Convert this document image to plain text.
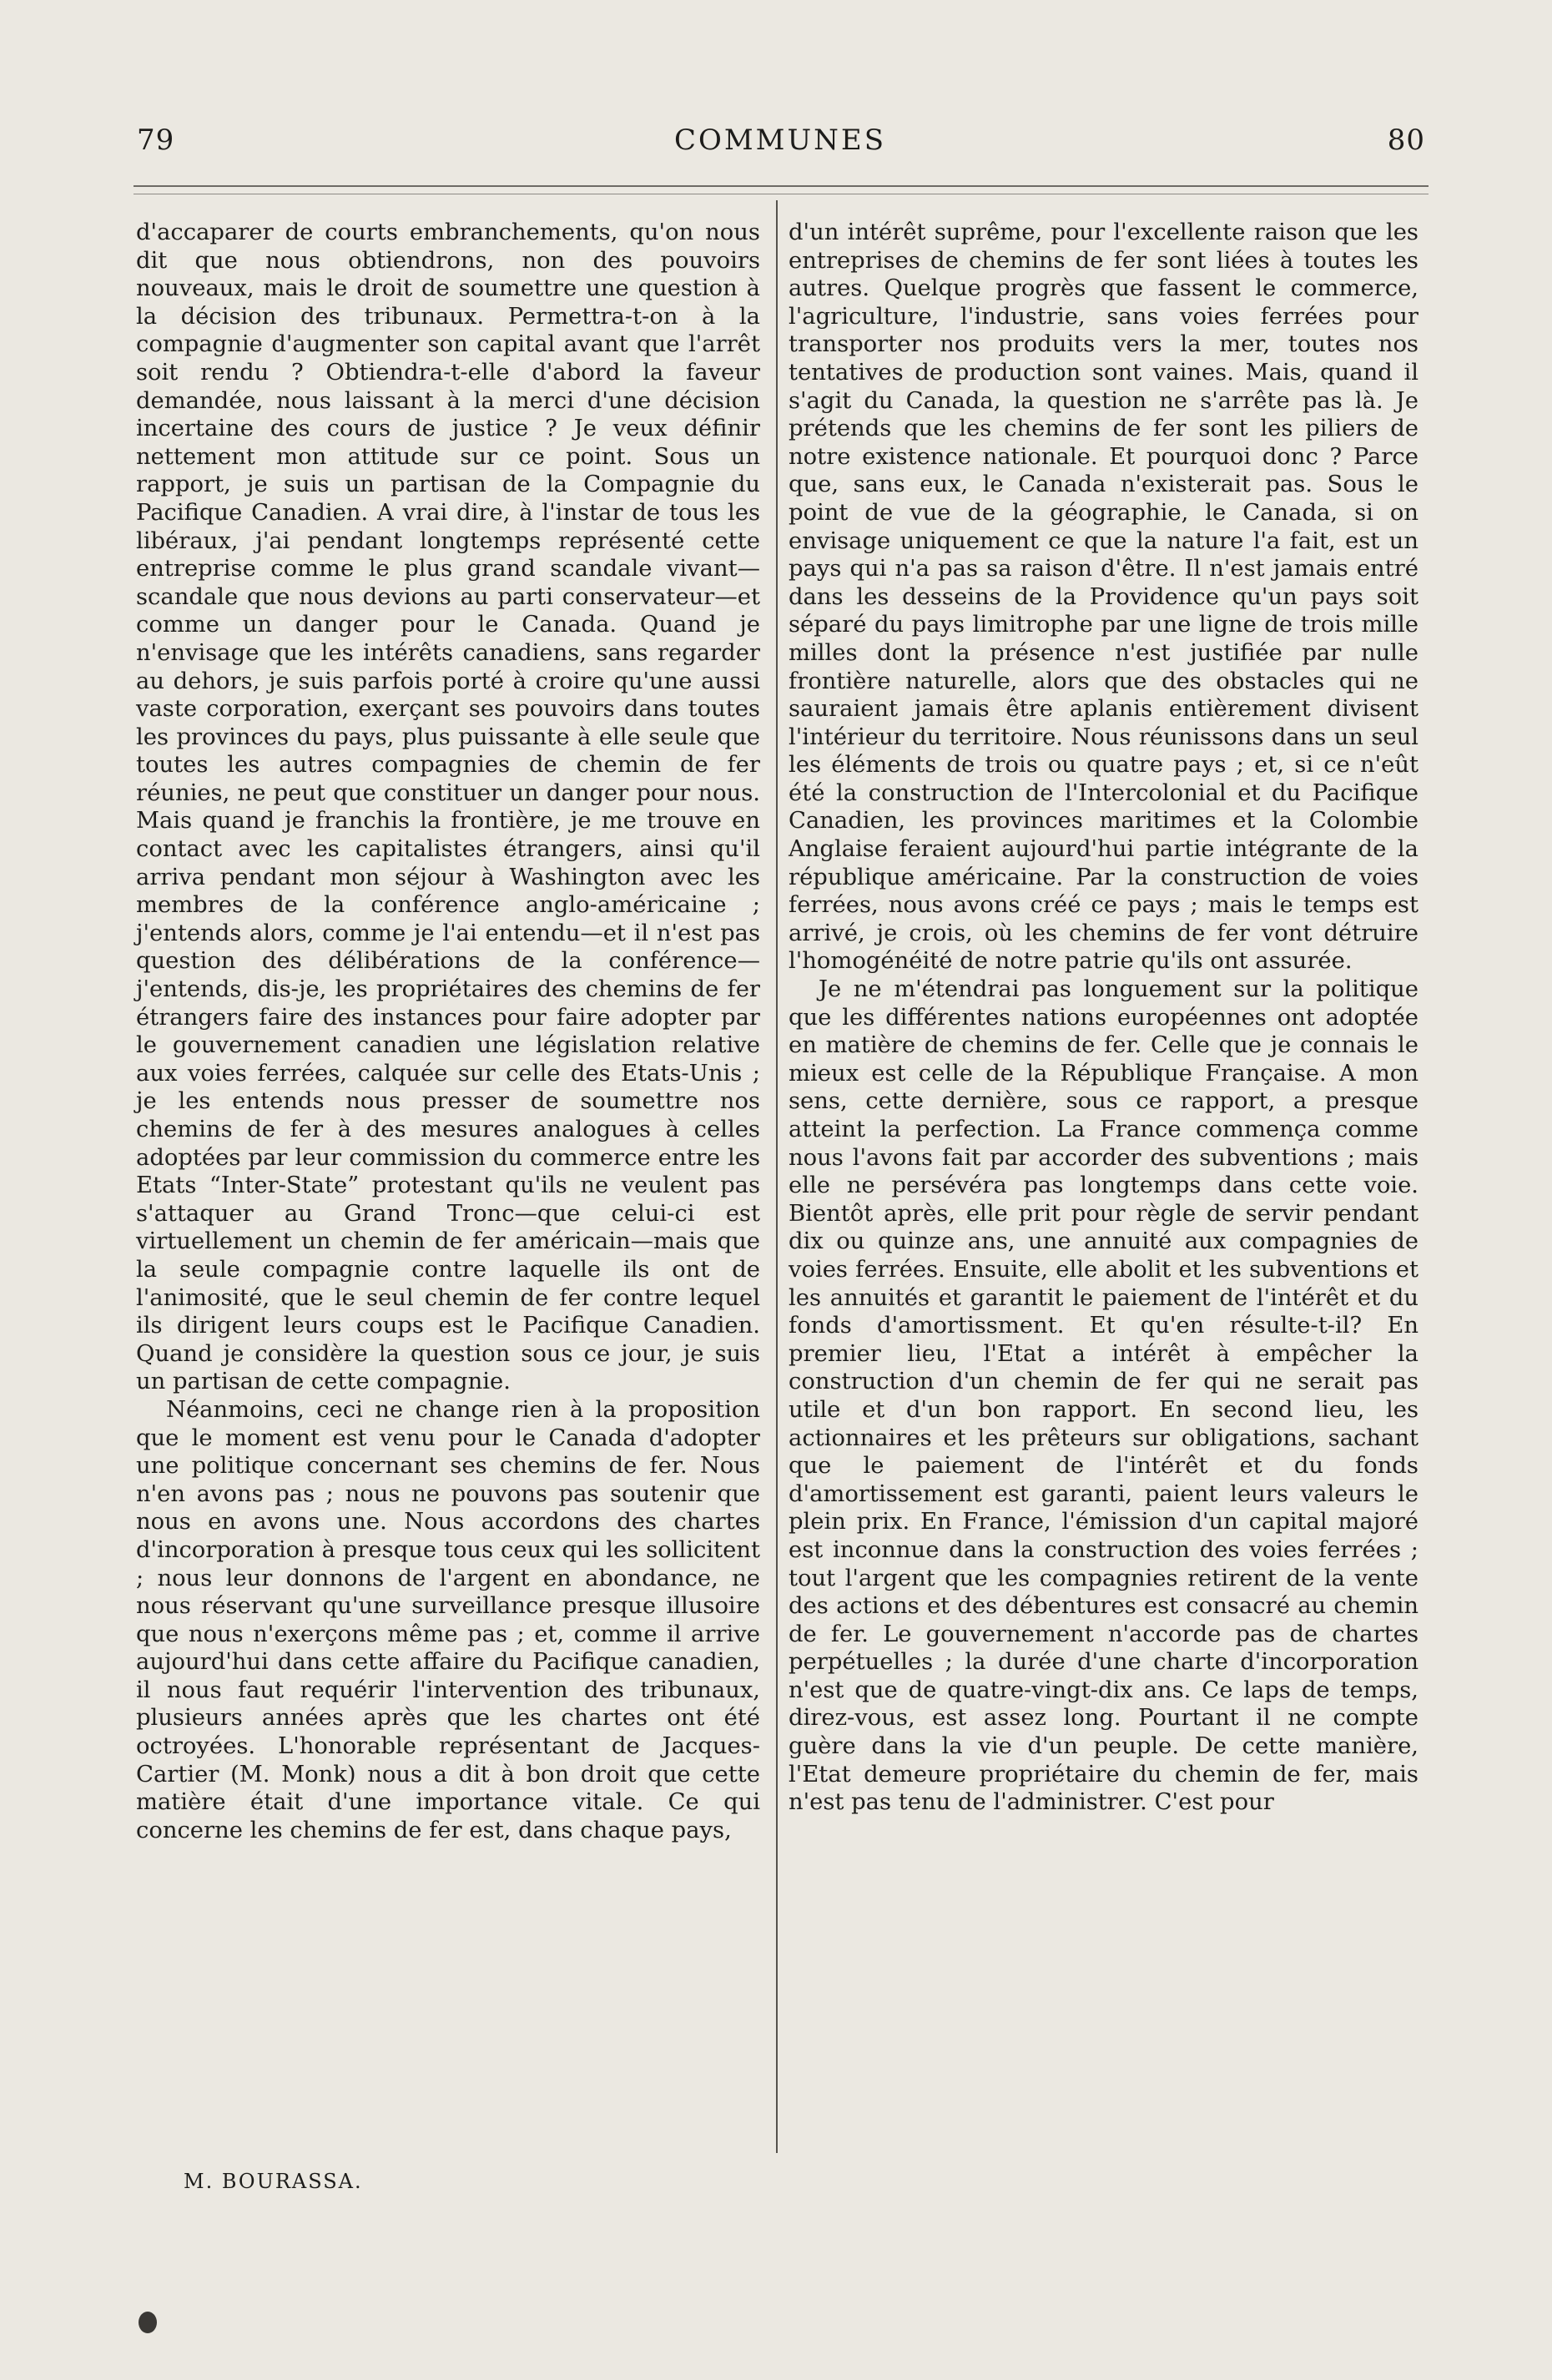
79	COMMUNES	80

d'accaparer de courts embranchements, qu'on nous dit que nous obtiendrons, non des pouvoirs nouveaux, mais le droit de soumettre une question à la décision des tribunaux. Permettra-t-on à la compagnie d'augmenter son capital avant que l'arrêt soit rendu ? Obtiendra-t-elle d'abord la faveur demandée, nous laissant à la merci d'une décision incertaine des cours de justice ? Je veux définir nettement mon attitude sur ce point. Sous un rapport, je suis un partisan de la Compagnie du Pacifique Canadien. A vrai dire, à l'instar de tous les libéraux, j'ai pendant longtemps représenté cette entreprise comme le plus grand scandale vivant—scandale que nous devions au parti conservateur—et comme un danger pour le Canada. Quand je n'envisage que les intérêts canadiens, sans regarder au dehors, je suis parfois porté à croire qu'une aussi vaste corporation, exerçant ses pouvoirs dans toutes les provinces du pays, plus puissante à elle seule que toutes les autres compagnies de chemin de fer réunies, ne peut que constituer un danger pour nous. Mais quand je franchis la frontière, je me trouve en contact avec les capitalistes étrangers, ainsi qu'il arriva pendant mon séjour à Washington avec les membres de la conférence anglo-américaine ; j'entends alors, comme je l'ai entendu—et il n'est pas question des délibérations de la conférence—j'entends, dis-je, les propriétaires des chemins de fer étrangers faire des instances pour faire adopter par le gouvernement canadien une législation relative aux voies ferrées, calquée sur celle des Etats-Unis ; je les entends nous presser de soumettre nos chemins de fer à des mesures analogues à celles adoptées par leur commission du commerce entre les Etats “Inter-State” protestant qu'ils ne veulent pas s'attaquer au Grand Tronc—que celui-ci est virtuellement un chemin de fer américain—mais que la seule compagnie contre laquelle ils ont de l'animosité, que le seul chemin de fer contre lequel ils dirigent leurs coups est le Pacifique Canadien. Quand je considère la question sous ce jour, je suis un partisan de cette compagnie.

Néanmoins, ceci ne change rien à la proposition que le moment est venu pour le Canada d'adopter une politique concernant ses chemins de fer. Nous n'en avons pas ; nous ne pouvons pas soutenir que nous en avons une. Nous accordons des chartes d'incorporation à presque tous ceux qui les sollicitent ; nous leur donnons de l'argent en abondance, ne nous réservant qu'une surveillance presque illusoire que nous n'exerçons même pas ; et, comme il arrive aujourd'hui dans cette affaire du Pacifique canadien, il nous faut requérir l'intervention des tribunaux, plusieurs années après que les chartes ont été octroyées. L'honorable représentant de Jacques-Cartier (M. Monk) nous a dit à bon droit que cette matière était d'une importance vitale. Ce qui concerne les chemins de fer est, dans chaque pays,

d'un intérêt suprême, pour l'excellente raison que les entreprises de chemins de fer sont liées à toutes les autres. Quelque progrès que fassent le commerce, l'agriculture, l'industrie, sans voies ferrées pour transporter nos produits vers la mer, toutes nos tentatives de production sont vaines. Mais, quand il s'agit du Canada, la question ne s'arrête pas là. Je prétends que les chemins de fer sont les piliers de notre existence nationale. Et pourquoi donc ? Parce que, sans eux, le Canada n'existerait pas. Sous le point de vue de la géographie, le Canada, si on envisage uniquement ce que la nature l'a fait, est un pays qui n'a pas sa raison d'être. Il n'est jamais entré dans les desseins de la Providence qu'un pays soit séparé du pays limitrophe par une ligne de trois mille milles dont la présence n'est justifiée par nulle frontière naturelle, alors que des obstacles qui ne sauraient jamais être aplanis entièrement divisent l'intérieur du territoire. Nous réunissons dans un seul les éléments de trois ou quatre pays ; et, si ce n'eût été la construction de l'Intercolonial et du Pacifique Canadien, les provinces maritimes et la Colombie Anglaise feraient aujourd'hui partie intégrante de la république américaine. Par la construction de voies ferrées, nous avons créé ce pays ; mais le temps est arrivé, je crois, où les chemins de fer vont détruire l'homogénéité de notre patrie qu'ils ont assurée.

Je ne m'étendrai pas longuement sur la politique que les différentes nations européennes ont adoptée en matière de chemins de fer. Celle que je connais le mieux est celle de la République Française. A mon sens, cette dernière, sous ce rapport, a presque atteint la perfection. La France commença comme nous l'avons fait par accorder des subventions ; mais elle ne persévéra pas longtemps dans cette voie. Bientôt après, elle prit pour règle de servir pendant dix ou quinze ans, une annuité aux compagnies de voies ferrées. Ensuite, elle abolit et les subventions et les annuités et garantit le paiement de l'intérêt et du fonds d'amortissment. Et qu'en résulte-t-il? En premier lieu, l'Etat a intérêt à empêcher la construction d'un chemin de fer qui ne serait pas utile et d'un bon rapport. En second lieu, les actionnaires et les prêteurs sur obligations, sachant que le paiement de l'intérêt et du fonds d'amortissement est garanti, paient leurs valeurs le plein prix. En France, l'émission d'un capital majoré est inconnue dans la construction des voies ferrées ; tout l'argent que les compagnies retirent de la vente des actions et des débentures est consacré au chemin de fer. Le gouvernement n'accorde pas de chartes perpétuelles ; la durée d'une charte d'incorporation n'est que de quatre-vingt-dix ans. Ce laps de temps, direz-vous, est assez long. Pourtant il ne compte guère dans la vie d'un peuple. De cette manière, l'Etat demeure propriétaire du chemin de fer, mais n'est pas tenu de l'administrer. C'est pour

M. BOURASSA.
